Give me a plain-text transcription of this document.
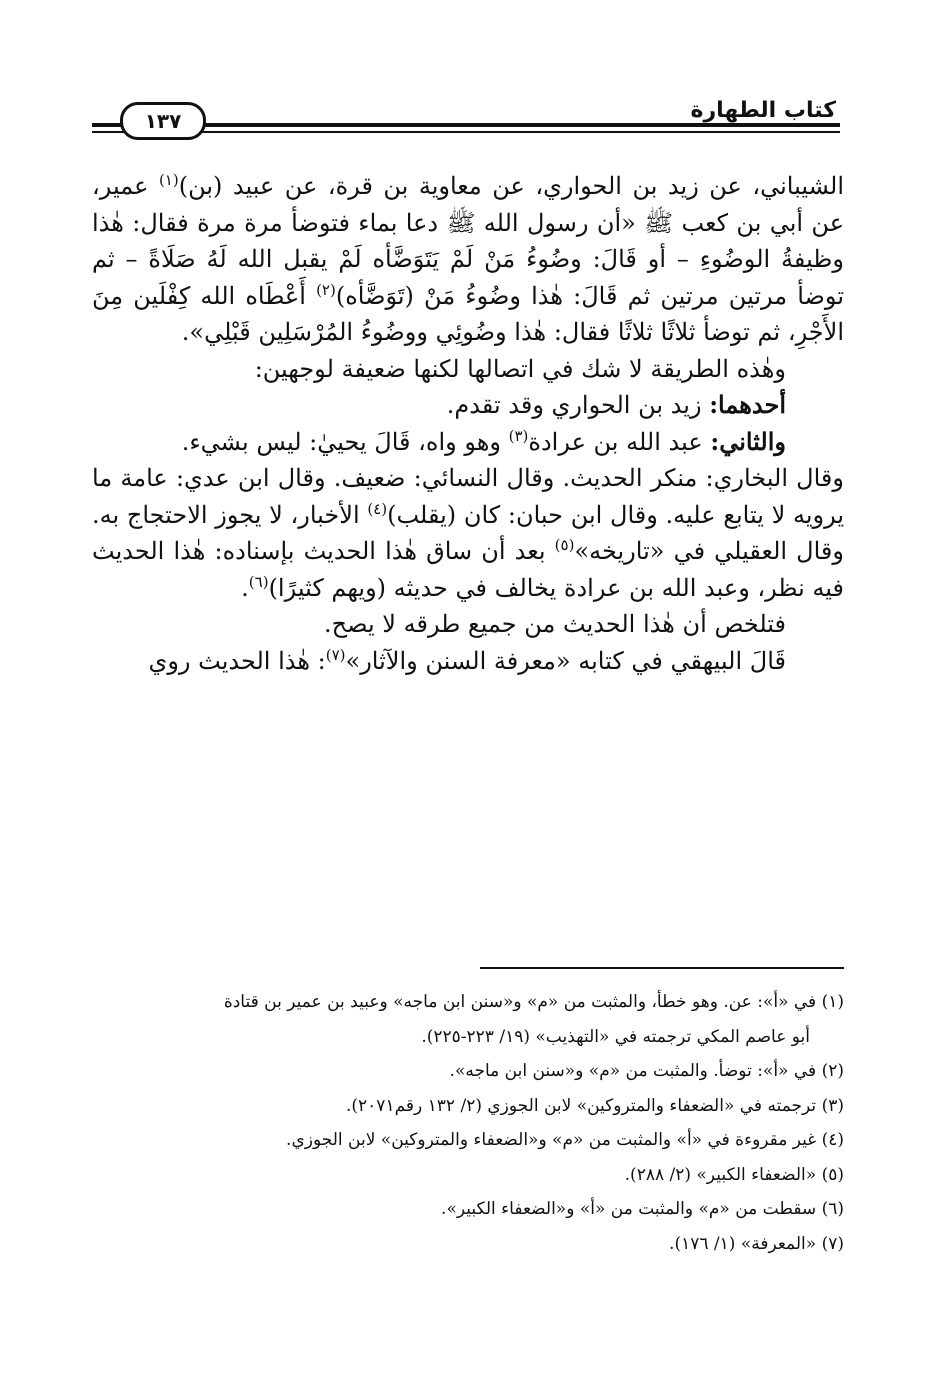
كتاب الطهارة
١٣٧

الشيباني، عن زيد بن الحواري، عن معاوية بن قرة، عن عبيد (بن)$^{(١)}$ عمير، عن أبي بن كعب ﷺ «أن رسول الله ﷺ دعا بماء فتوضأ مرة مرة فقال: هٰذا وظيفةُ الوضُوءِ – أو قَالَ: وضُوءُ مَنْ لَمْ يَتَوَضَّأه لَمْ يقبل الله لَهُ صَلَاةً – ثم توضأ مرتين مرتين ثم قَالَ: هٰذا وضُوءُ مَنْ (تَوَضَّأه)$^{(٢)}$ أَعْطَاه الله كِفْلَين مِنَ الأَجْرِ، ثم توضأ ثلاثًا ثلاثًا فقال: هٰذا وضُوئِي ووضُوءُ المُرْسَلِين قَبْلِي».

وهٰذه الطريقة لا شك في اتصالها لكنها ضعيفة لوجهين:

أحدهما: زيد بن الحواري وقد تقدم.

والثاني: عبد الله بن عرادة$^{(٣)}$ وهو واه، قَالَ يحييٰ: ليس بشيء.

وقال البخاري: منكر الحديث. وقال النسائي: ضعيف. وقال ابن عدي: عامة ما يرويه لا يتابع عليه. وقال ابن حبان: كان (يقلب)$^{(٤)}$ الأخبار، لا يجوز الاحتجاج به. وقال العقيلي في «تاريخه»$^{(٥)}$ بعد أن ساق هٰذا الحديث بإسناده: هٰذا الحديث فيه نظر، وعبد الله بن عرادة يخالف في حديثه (ويهم كثيرًا)$^{(٦)}$.

فتلخص أن هٰذا الحديث من جميع طرقه لا يصح.

قَالَ البيهقي في كتابه «معرفة السنن والآثار»$^{(٧)}$: هٰذا الحديث روي

(١) في «أ»: عن. وهو خطأ، والمثبت من «م» و«سنن ابن ماجه» وعبيد بن عمير بن قتادة
أبو عاصم المكي ترجمته في «التهذيب» (١٩/ ٢٢٣-٢٢٥).

(٢) في «أ»: توضأ. والمثبت من «م» و«سنن ابن ماجه».

(٣) ترجمته في «الضعفاء والمتروكين» لابن الجوزي (٢/ ١٣٢ رقم٢٠٧١).

(٤) غير مقروءة في «أ» والمثبت من «م» و«الضعفاء والمتروكين» لابن الجوزي.

(٥) «الضعفاء الكبير» (٢/ ٢٨٨).

(٦) سقطت من «م» والمثبت من «أ» و«الضعفاء الكبير».

(٧) «المعرفة» (١/ ١٧٦).
